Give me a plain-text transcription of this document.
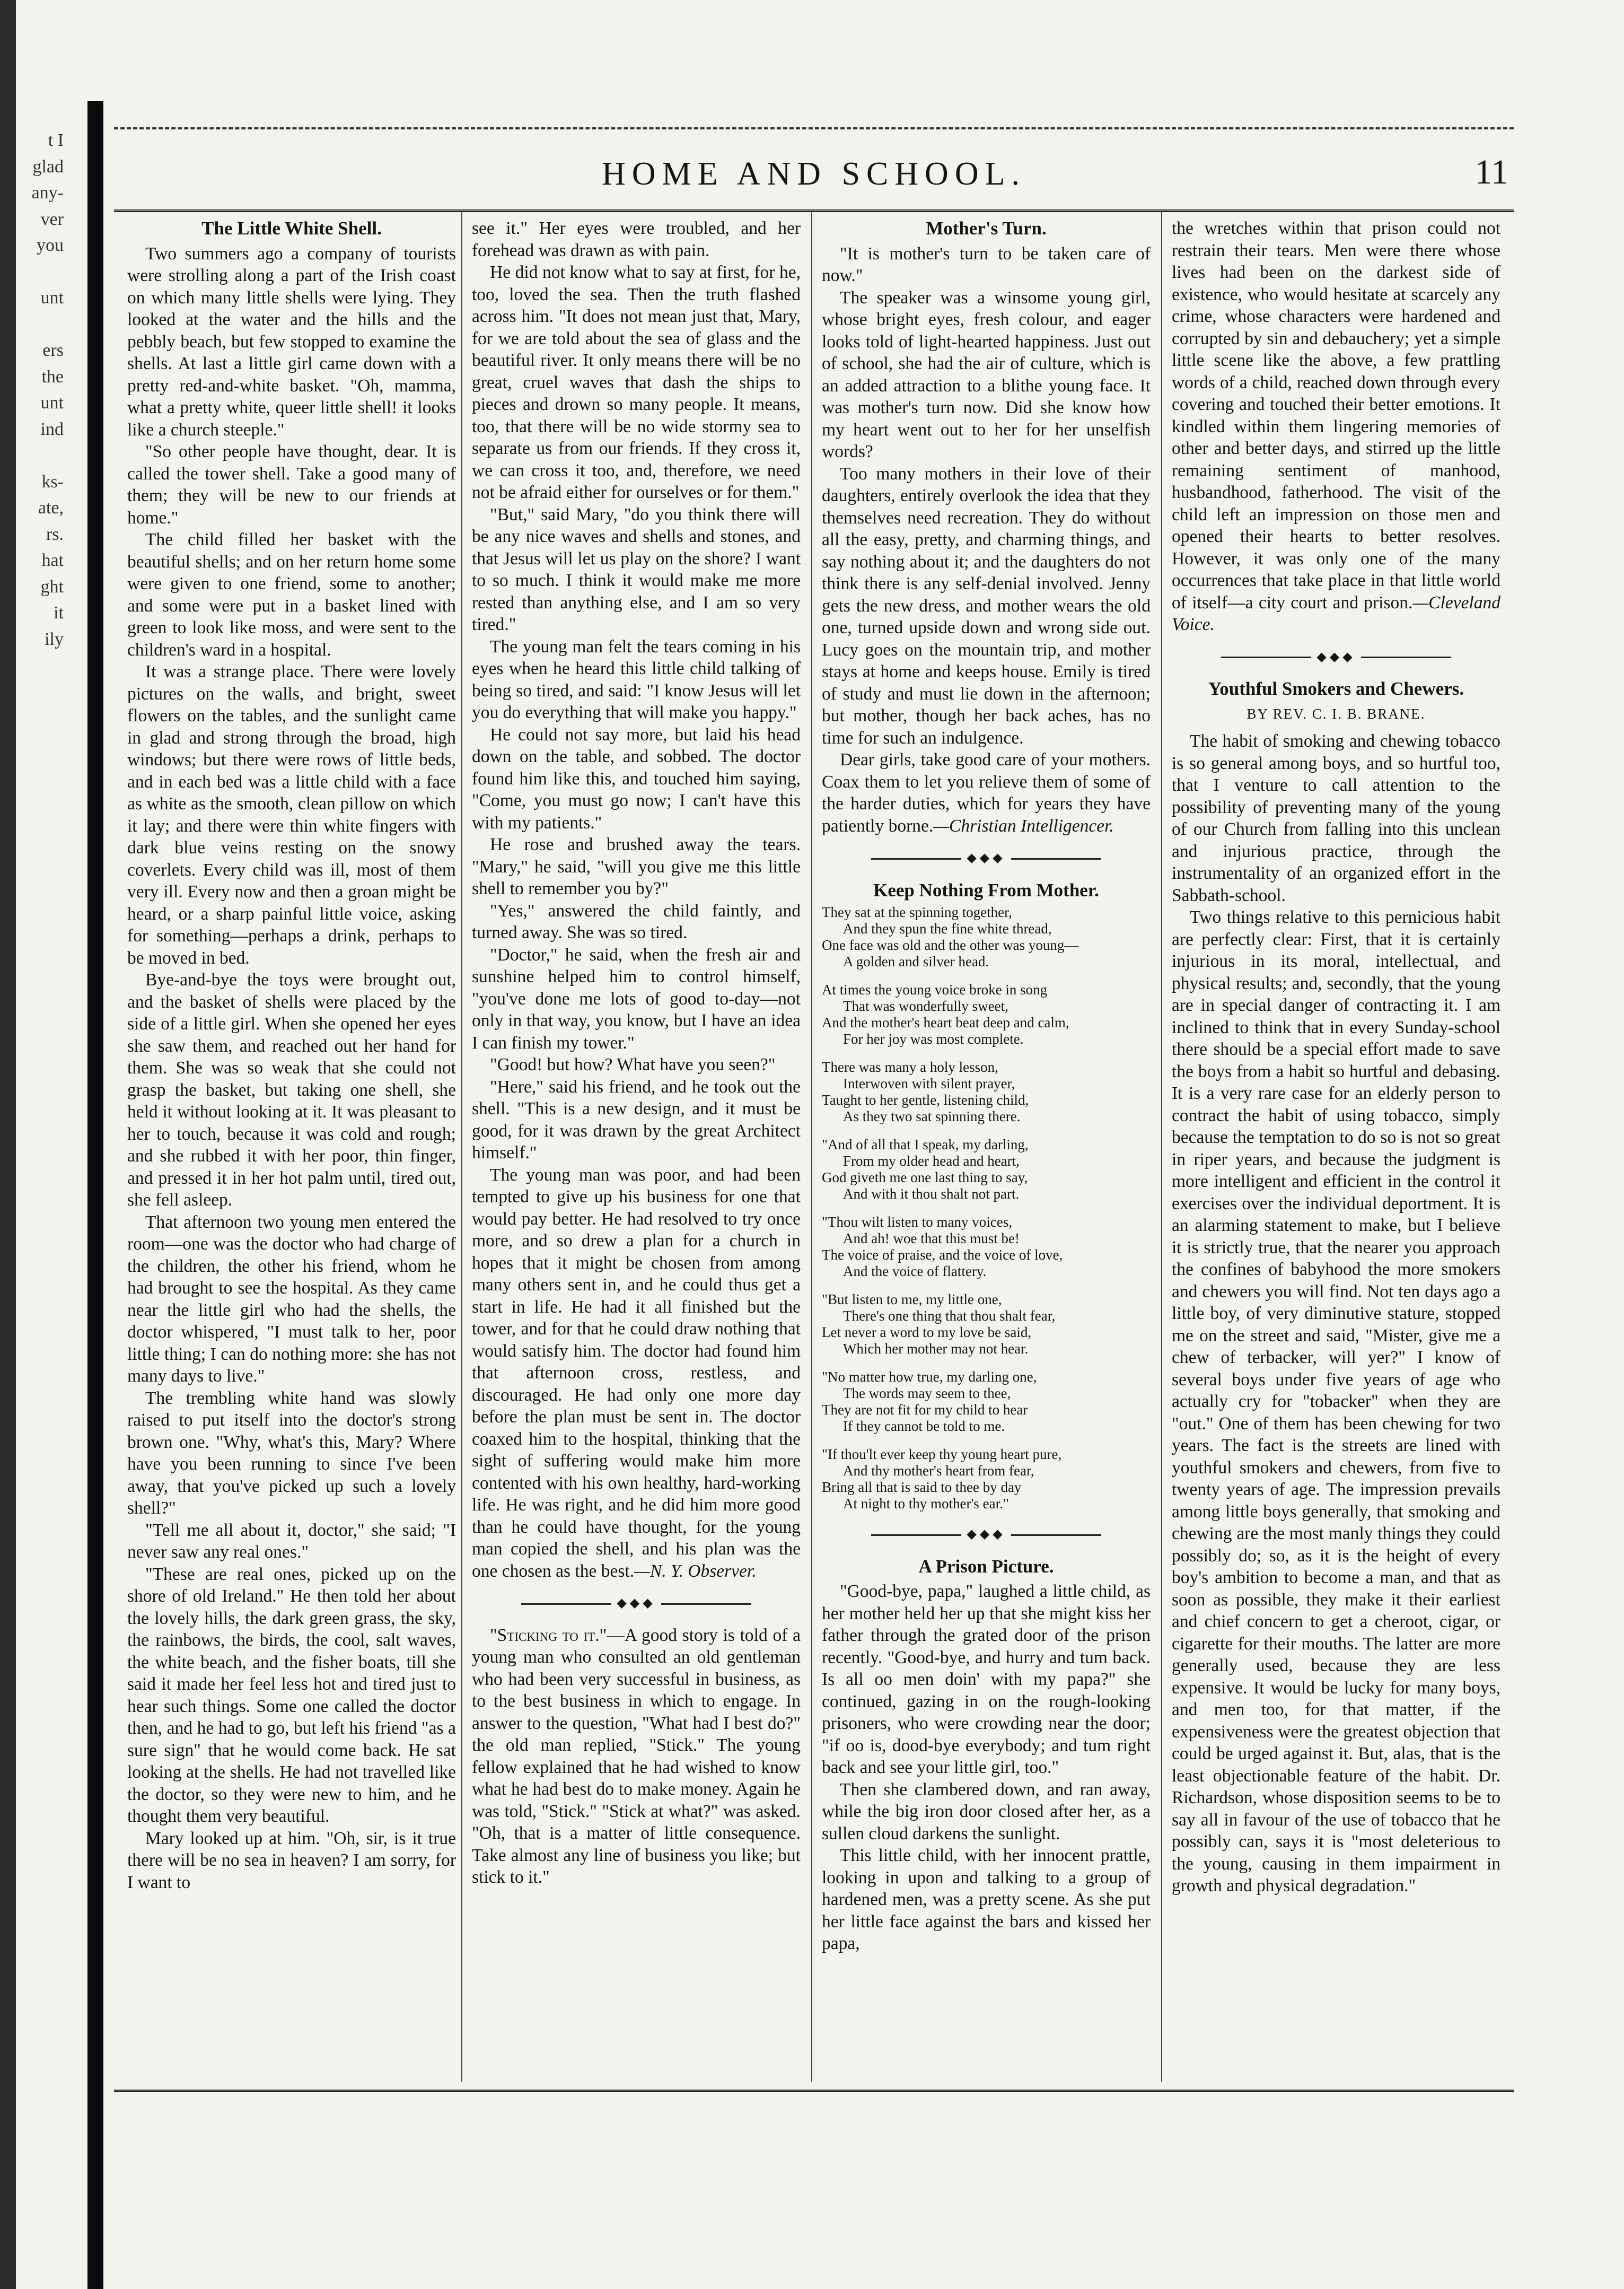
t I
glad
any-
ver
you
unt
ers
the
unt
ind
ks-
ate,
rs.
hat
ght
it
ily
HOME AND SCHOOL.	11
The Little White Shell.

Two summers ago a company of tourists were strolling along a part of the Irish coast on which many little shells were lying. They looked at the water and the hills and the pebbly beach, but few stopped to examine the shells. At last a little girl came down with a pretty red-and-white basket. "Oh, mamma, what a pretty white, queer little shell! it looks like a church steeple."

"So other people have thought, dear. It is called the tower shell. Take a good many of them; they will be new to our friends at home."

The child filled her basket with the beautiful shells; and on her return home some were given to one friend, some to another; and some were put in a basket lined with green to look like moss, and were sent to the children's ward in a hospital.

It was a strange place. There were lovely pictures on the walls, and bright, sweet flowers on the tables, and the sunlight came in glad and strong through the broad, high windows; but there were rows of little beds, and in each bed was a little child with a face as white as the smooth, clean pillow on which it lay; and there were thin white fingers with dark blue veins resting on the snowy coverlets. Every child was ill, most of them very ill. Every now and then a groan might be heard, or a sharp painful little voice, asking for something—perhaps a drink, perhaps to be moved in bed.

Bye-and-bye the toys were brought out, and the basket of shells were placed by the side of a little girl. When she opened her eyes she saw them, and reached out her hand for them. She was so weak that she could not grasp the basket, but taking one shell, she held it without looking at it. It was pleasant to her to touch, because it was cold and rough; and she rubbed it with her poor, thin finger, and pressed it in her hot palm until, tired out, she fell asleep.

That afternoon two young men entered the room—one was the doctor who had charge of the children, the other his friend, whom he had brought to see the hospital. As they came near the little girl who had the shells, the doctor whispered, "I must talk to her, poor little thing; I can do nothing more: she has not many days to live."

The trembling white hand was slowly raised to put itself into the doctor's strong brown one. "Why, what's this, Mary? Where have you been running to since I've been away, that you've picked up such a lovely shell?"

"Tell me all about it, doctor," she said; "I never saw any real ones."

"These are real ones, picked up on the shore of old Ireland." He then told her about the lovely hills, the dark green grass, the sky, the rainbows, the birds, the cool, salt waves, the white beach, and the fisher boats, till she said it made her feel less hot and tired just to hear such things. Some one called the doctor then, and he had to go, but left his friend "as a sure sign" that he would come back. He sat looking at the shells. He had not travelled like the doctor, so they were new to him, and he thought them very beautiful.

Mary looked up at him. "Oh, sir, is it true there will be no sea in heaven? I am sorry, for I want to

see it." Her eyes were troubled, and her forehead was drawn as with pain.

He did not know what to say at first, for he, too, loved the sea. Then the truth flashed across him. "It does not mean just that, Mary, for we are told about the sea of glass and the beautiful river. It only means there will be no great, cruel waves that dash the ships to pieces and drown so many people. It means, too, that there will be no wide stormy sea to separate us from our friends. If they cross it, we can cross it too, and, therefore, we need not be afraid either for ourselves or for them."

"But," said Mary, "do you think there will be any nice waves and shells and stones, and that Jesus will let us play on the shore? I want to so much. I think it would make me more rested than anything else, and I am so very tired."

The young man felt the tears coming in his eyes when he heard this little child talking of being so tired, and said: "I know Jesus will let you do everything that will make you happy."

He could not say more, but laid his head down on the table, and sobbed. The doctor found him like this, and touched him saying, "Come, you must go now; I can't have this with my patients."

He rose and brushed away the tears. "Mary," he said, "will you give me this little shell to remember you by?"

"Yes," answered the child faintly, and turned away. She was so tired.

"Doctor," he said, when the fresh air and sunshine helped him to control himself, "you've done me lots of good to-day—not only in that way, you know, but I have an idea I can finish my tower."

"Good! but how? What have you seen?"

"Here," said his friend, and he took out the shell. "This is a new design, and it must be good, for it was drawn by the great Architect himself."

The young man was poor, and had been tempted to give up his business for one that would pay better. He had resolved to try once more, and so drew a plan for a church in hopes that it might be chosen from among many others sent in, and he could thus get a start in life. He had it all finished but the tower, and for that he could draw nothing that would satisfy him. The doctor had found him that afternoon cross, restless, and discouraged. He had only one more day before the plan must be sent in. The doctor coaxed him to the hospital, thinking that the sight of suffering would make him more contented with his own healthy, hard-working life. He was right, and he did him more good than he could have thought, for the young man copied the shell, and his plan was the one chosen as the best.—N. Y. Observer.

◆◆◆

"Sticking to it."—A good story is told of a young man who consulted an old gentleman who had been very successful in business, as to the best business in which to engage. In answer to the question, "What had I best do?" the old man replied, "Stick." The young fellow explained that he had wished to know what he had best do to make money. Again he was told, "Stick." "Stick at what?" was asked. "Oh, that is a matter of little consequence. Take almost any line of business you like; but stick to it."

Mother's Turn.

"It is mother's turn to be taken care of now."

The speaker was a winsome young girl, whose bright eyes, fresh colour, and eager looks told of light-hearted happiness. Just out of school, she had the air of culture, which is an added attraction to a blithe young face. It was mother's turn now. Did she know how my heart went out to her for her unselfish words?

Too many mothers in their love of their daughters, entirely overlook the idea that they themselves need recreation. They do without all the easy, pretty, and charming things, and say nothing about it; and the daughters do not think there is any self-denial involved. Jenny gets the new dress, and mother wears the old one, turned upside down and wrong side out. Lucy goes on the mountain trip, and mother stays at home and keeps house. Emily is tired of study and must lie down in the afternoon; but mother, though her back aches, has no time for such an indulgence.

Dear girls, take good care of your mothers. Coax them to let you relieve them of some of the harder duties, which for years they have patiently borne.—Christian Intelligencer.

◆◆◆
Keep Nothing From Mother.
They sat at the spinning together,
And they spun the fine white thread,
One face was old and the other was young—
A golden and silver head.
At times the young voice broke in song
That was wonderfully sweet,
And the mother's heart beat deep and calm,
For her joy was most complete.
There was many a holy lesson,
Interwoven with silent prayer,
Taught to her gentle, listening child,
As they two sat spinning there.
"And of all that I speak, my darling,
From my older head and heart,
God giveth me one last thing to say,
And with it thou shalt not part.
"Thou wilt listen to many voices,
And ah! woe that this must be!
The voice of praise, and the voice of love,
And the voice of flattery.
"But listen to me, my little one,
There's one thing that thou shalt fear,
Let never a word to my love be said,
Which her mother may not hear.
"No matter how true, my darling one,
The words may seem to thee,
They are not fit for my child to hear
If they cannot be told to me.
"If thou'lt ever keep thy young heart pure,
And thy mother's heart from fear,
Bring all that is said to thee by day
At night to thy mother's ear."
◆◆◆
A Prison Picture.

"Good-bye, papa," laughed a little child, as her mother held her up that she might kiss her father through the grated door of the prison recently. "Good-bye, and hurry and tum back. Is all oo men doin' with my papa?" she continued, gazing in on the rough-looking prisoners, who were crowding near the door; "if oo is, dood-bye everybody; and tum right back and see your little girl, too."

Then she clambered down, and ran away, while the big iron door closed after her, as a sullen cloud darkens the sunlight.

This little child, with her innocent prattle, looking in upon and talking to a group of hardened men, was a pretty scene. As she put her little face against the bars and kissed her papa,

the wretches within that prison could not restrain their tears. Men were there whose lives had been on the darkest side of existence, who would hesitate at scarcely any crime, whose characters were hardened and corrupted by sin and debauchery; yet a simple little scene like the above, a few prattling words of a child, reached down through every covering and touched their better emotions. It kindled within them lingering memories of other and better days, and stirred up the little remaining sentiment of manhood, husbandhood, fatherhood. The visit of the child left an impression on those men and opened their hearts to better resolves. However, it was only one of the many occurrences that take place in that little world of itself—a city court and prison.—Cleveland Voice.

◆◆◆
Youthful Smokers and Chewers.
BY REV. C. I. B. BRANE.

The habit of smoking and chewing tobacco is so general among boys, and so hurtful too, that I venture to call attention to the possibility of preventing many of the young of our Church from falling into this unclean and injurious practice, through the instrumentality of an organized effort in the Sabbath-school.

Two things relative to this pernicious habit are perfectly clear: First, that it is certainly injurious in its moral, intellectual, and physical results; and, secondly, that the young are in special danger of contracting it. I am inclined to think that in every Sunday-school there should be a special effort made to save the boys from a habit so hurtful and debasing. It is a very rare case for an elderly person to contract the habit of using tobacco, simply because the temptation to do so is not so great in riper years, and because the judgment is more intelligent and efficient in the control it exercises over the individual deportment. It is an alarming statement to make, but I believe it is strictly true, that the nearer you approach the confines of babyhood the more smokers and chewers you will find. Not ten days ago a little boy, of very diminutive stature, stopped me on the street and said, "Mister, give me a chew of terbacker, will yer?" I know of several boys under five years of age who actually cry for "tobacker" when they are "out." One of them has been chewing for two years. The fact is the streets are lined with youthful smokers and chewers, from five to twenty years of age. The impression prevails among little boys generally, that smoking and chewing are the most manly things they could possibly do; so, as it is the height of every boy's ambition to become a man, and that as soon as possible, they make it their earliest and chief concern to get a cheroot, cigar, or cigarette for their mouths. The latter are more generally used, because they are less expensive. It would be lucky for many boys, and men too, for that matter, if the expensiveness were the greatest objection that could be urged against it. But, alas, that is the least objectionable feature of the habit. Dr. Richardson, whose disposition seems to be to say all in favour of the use of tobacco that he possibly can, says it is "most deleterious to the young, causing in them impairment in growth and physical degradation."
